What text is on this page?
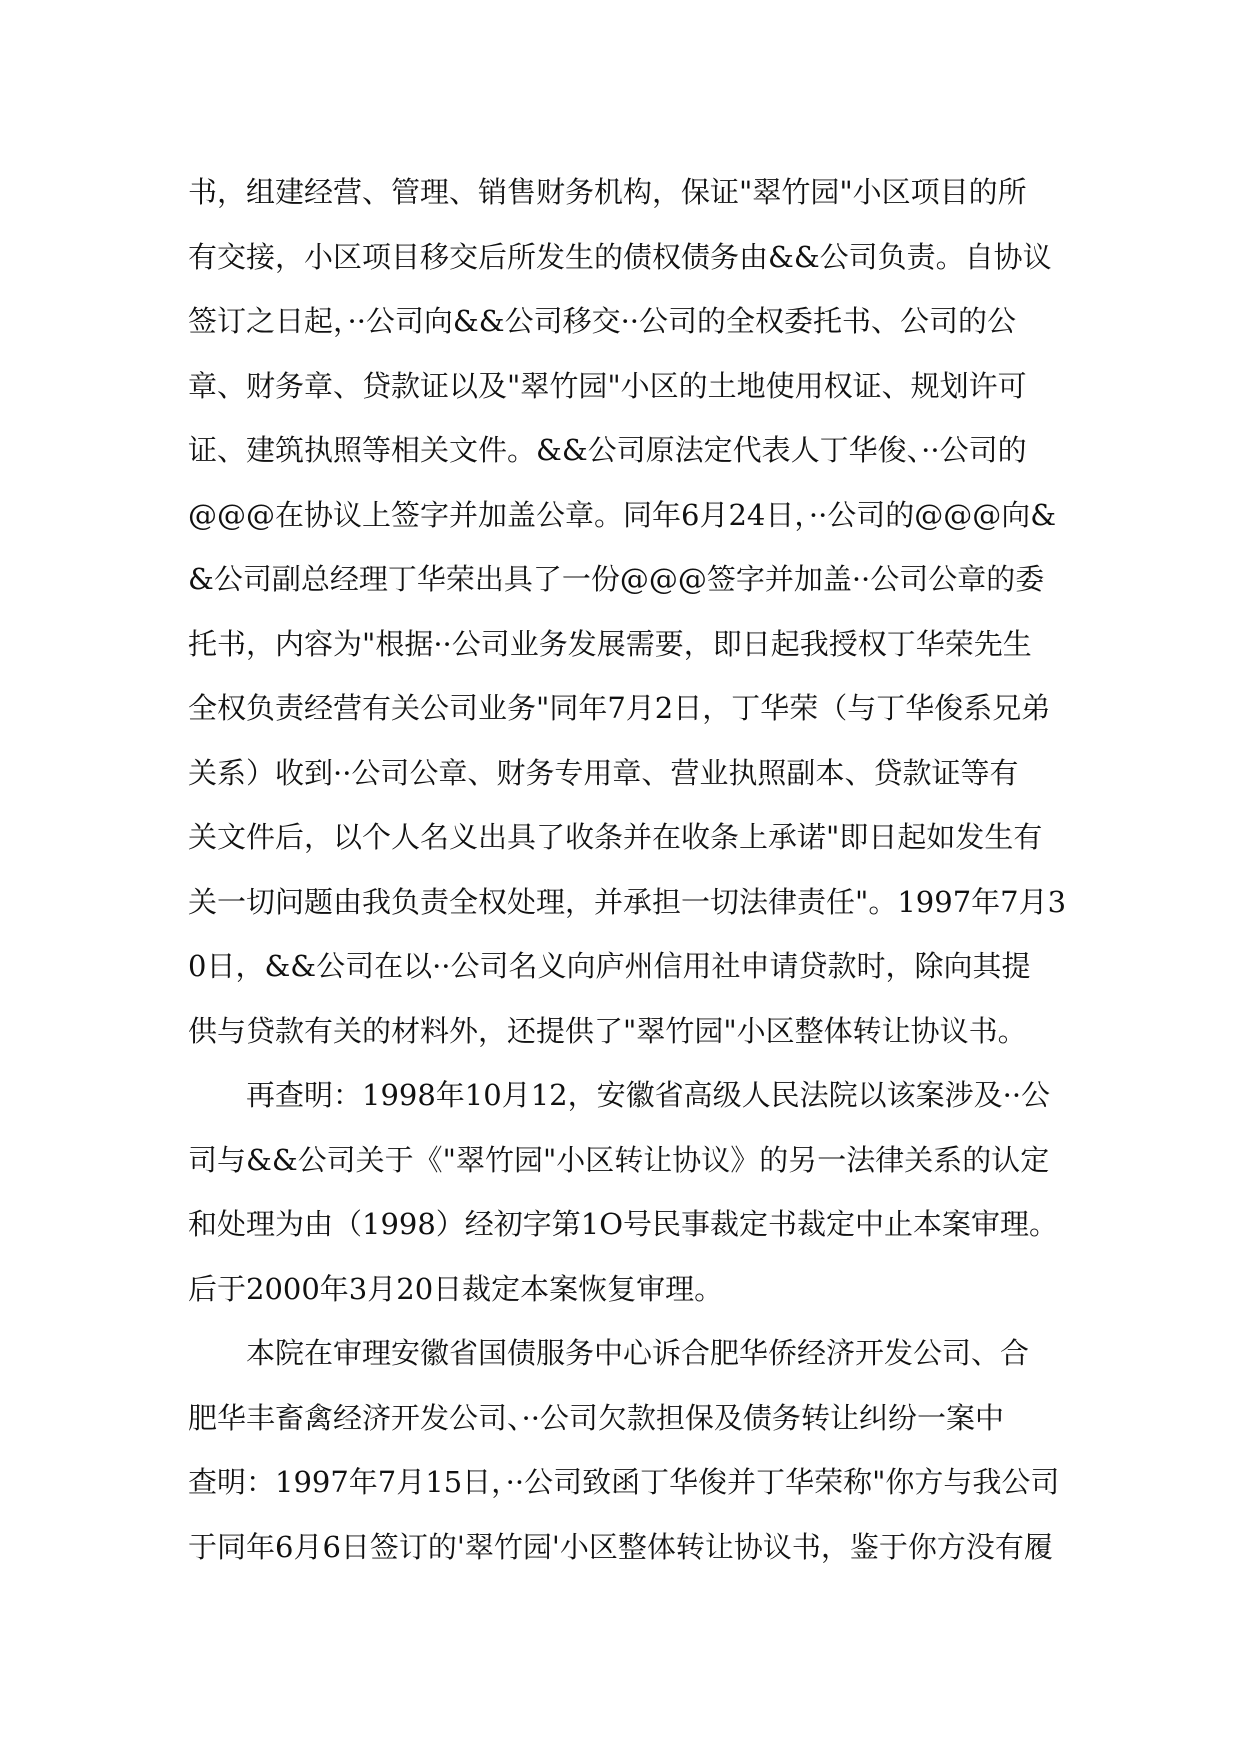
书，组建经营、管理、销售财务机构，保证"翠竹园"小区项目的所
有交接，小区项目移交后所发生的债权债务由&&公司负责。自协议
签订之日起，··公司向&&公司移交··公司的全权委托书、公司的公
章、财务章、贷款证以及"翠竹园"小区的土地使用权证、规划许可
证、建筑执照等相关文件。&&公司原法定代表人丁华俊、··公司的
@@@在协议上签字并加盖公章。同年6月24日，··公司的@@@向&
&公司副总经理丁华荣出具了一份@@@签字并加盖··公司公章的委
托书，内容为"根据··公司业务发展需要，即日起我授权丁华荣先生
全权负责经营有关公司业务"同年7月2日，丁华荣（与丁华俊系兄弟
关系）收到··公司公章、财务专用章、营业执照副本、贷款证等有
关文件后，以个人名义出具了收条并在收条上承诺"即日起如发生有
关一切问题由我负责全权处理，并承担一切法律责任"。1997年7月3
0日，&&公司在以··公司名义向庐州信用社申请贷款时，除向其提
供与贷款有关的材料外，还提供了"翠竹园"小区整体转让协议书。
　　再查明：1998年10月12，安徽省高级人民法院以该案涉及··公
司与&&公司关于《"翠竹园"小区转让协议》的另一法律关系的认定
和处理为由（1998）经初字第1O号民事裁定书裁定中止本案审理。
后于2000年3月20日裁定本案恢复审理。
　　本院在审理安徽省国债服务中心诉合肥华侨经济开发公司、合
肥华丰畜禽经济开发公司、··公司欠款担保及债务转让纠纷一案中
查明：1997年7月15日，··公司致函丁华俊并丁华荣称"你方与我公司
于同年6月6日签订的'翠竹园'小区整体转让协议书，鉴于你方没有履
